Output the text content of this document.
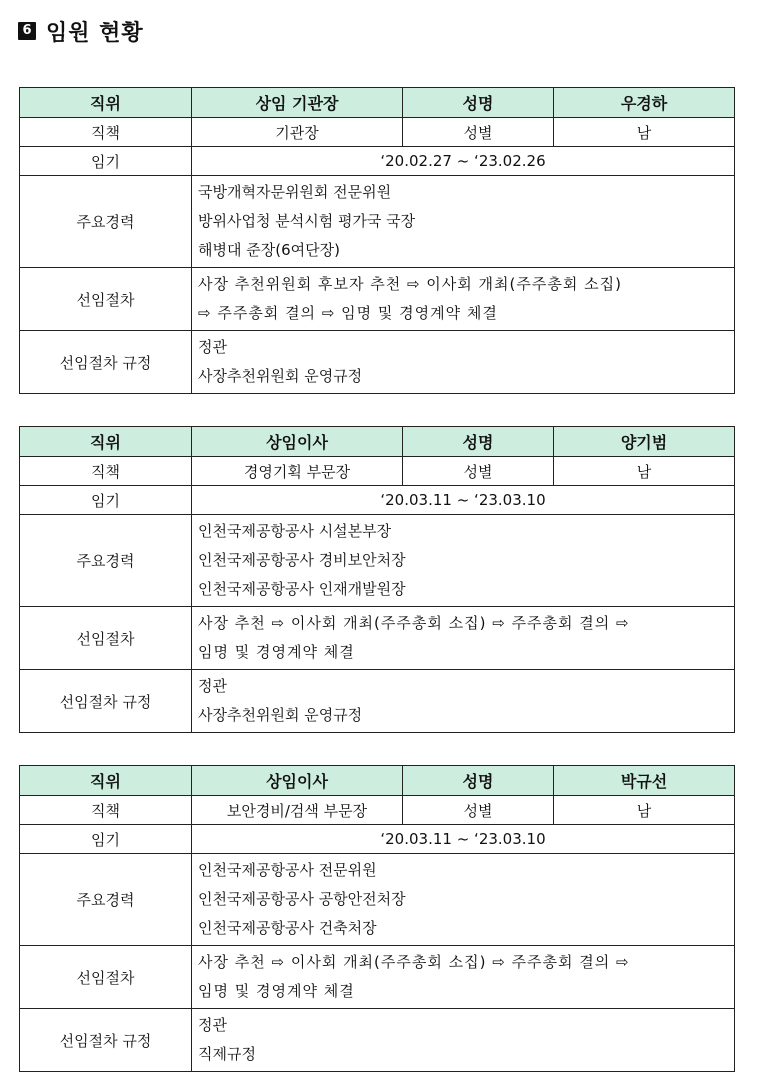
6 임원 현황
직위	상임 기관장	성명	우경하
직책	기관장	성별	남
임기	‘20.02.27 ~ ‘23.02.26		
주요경력	국방개혁자문위원회 전문위원
방위사업청 분석시험 평가국 국장
해병대 준장(6여단장)		

선임절차	사장 추천위원회 후보자 추천 ⇨ 이사회 개최(주주총회 소집)
⇨ 주주총회 결의 ⇨ 임명 및 경영계약 체결		

선임절차 규정	정관
사장추천위원회 운영규정		
직위	상임이사	성명	양기범
직책	경영기획 부문장	성별	남
임기	‘20.03.11 ~ ‘23.03.10		
주요경력	인천국제공항공사 시설본부장
인천국제공항공사 경비보안처장
인천국제공항공사 인재개발원장		

선임절차	사장 추천 ⇨ 이사회 개최(주주총회 소집) ⇨ 주주총회 결의 ⇨
임명 및 경영계약 체결		

선임절차 규정	정관
사장추천위원회 운영규정		
직위	상임이사	성명	박규선
직책	보안경비/검색 부문장	성별	남
임기	‘20.03.11 ~ ‘23.03.10		
주요경력	인천국제공항공사 전문위원
인천국제공항공사 공항안전처장
인천국제공항공사 건축처장		

선임절차	사장 추천 ⇨ 이사회 개최(주주총회 소집) ⇨ 주주총회 결의 ⇨
임명 및 경영계약 체결		

선임절차 규정	정관
직제규정		
